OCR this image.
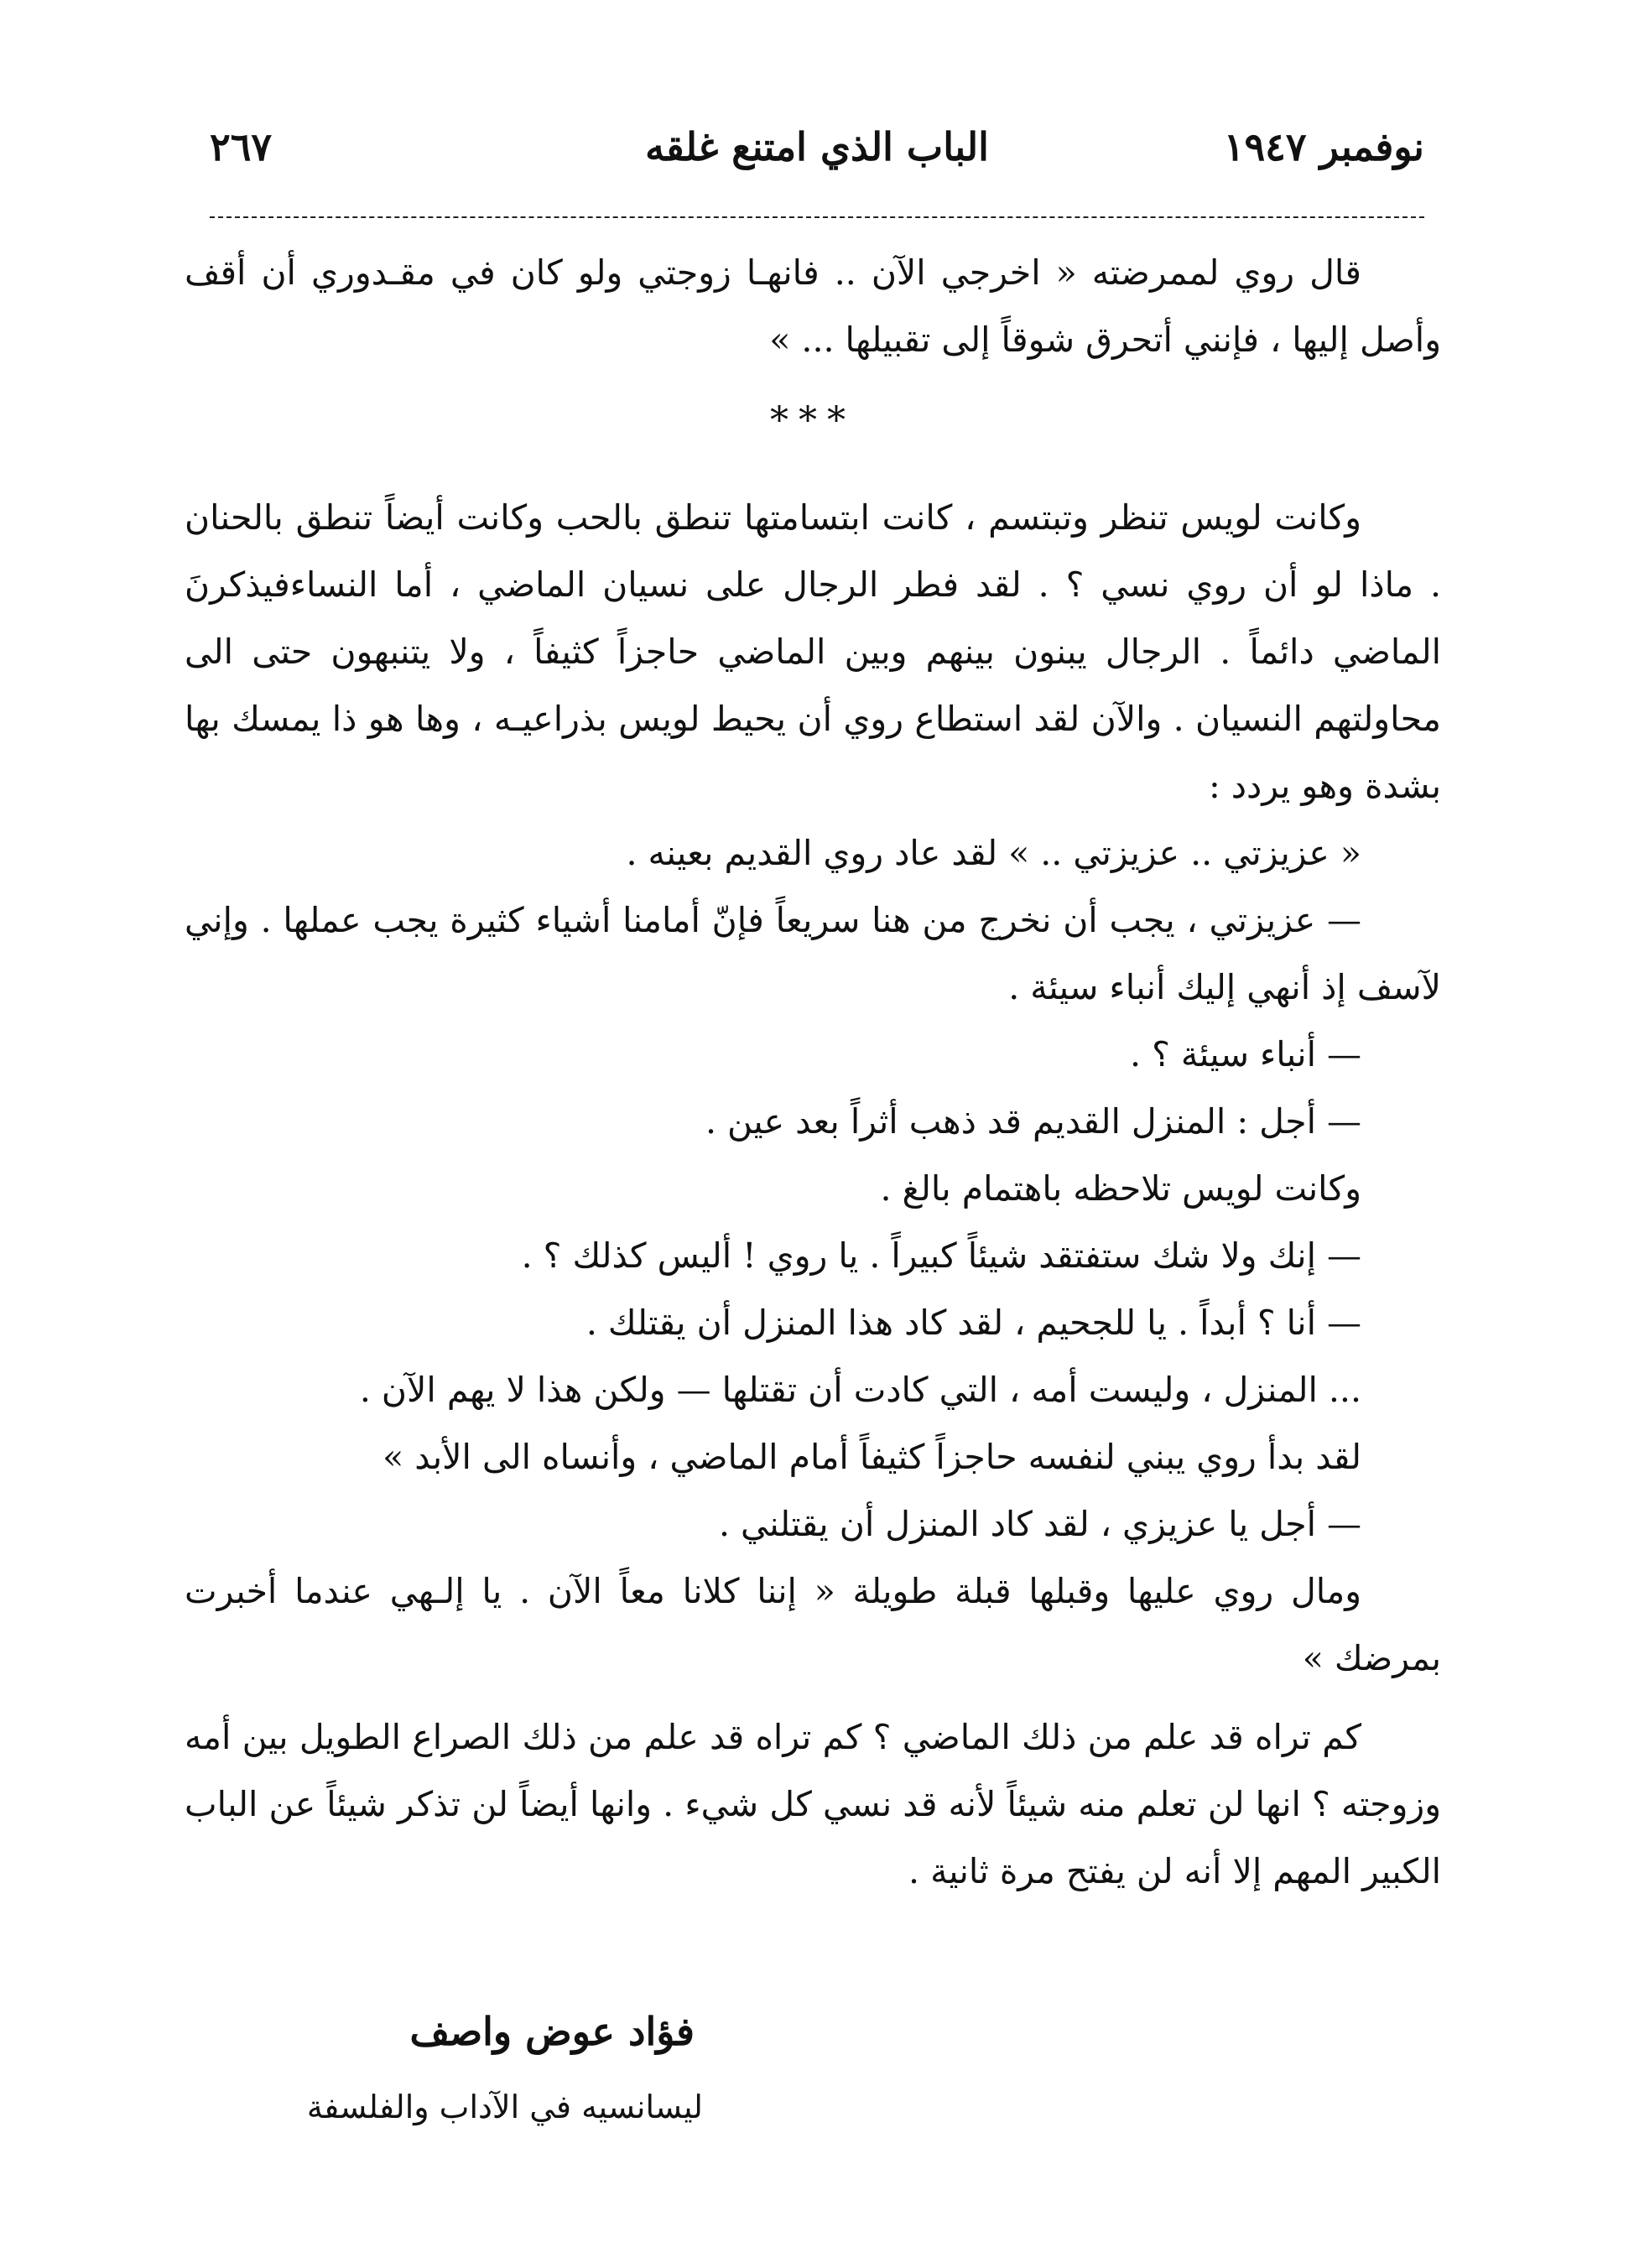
نوفمبر ١٩٤٧
الباب الذي امتنع غلقه
٢٦٧

قال روي لممرضته « اخرجي الآن .. فانهـا زوجتي ولو كان في مقـدوري أن أقف وأصل إليها ، فإنني أتحرق شوقاً إلى تقبيلها ... »

***

وكانت لويس تنظر وتبتسم ، كانت ابتسامتها تنطق بالحب وكانت أيضاً تنطق بالحنان . ماذا لو أن روي نسي ؟ . لقد فطر الرجال على نسيان الماضي ، أما النساءفيذكرنَ الماضي دائماً . الرجال يبنون بينهم وبين الماضي حاجزاً كثيفاً ، ولا يتنبهون حتى الى محاولتهم النسيان . والآن لقد استطاع روي أن يحيط لويس بذراعيـه ، وها هو ذا يمسك بها بشدة وهو يردد :

« عزيزتي .. عزيزتي .. » لقد عاد روي القديم بعينه .

— عزيزتي ، يجب أن نخرج من هنا سريعاً فإنّ أمامنا أشياء كثيرة يجب عملها . وإني لآسف إذ أنهي إليك أنباء سيئة .

— أنباء سيئة ؟ .

— أجل : المنزل القديم قد ذهب أثراً بعد عين .

وكانت لويس تلاحظه باهتمام بالغ .

— إنك ولا شك ستفتقد شيئاً كبيراً . يا روي ! أليس كذلك ؟ .

— أنا ؟ أبداً . يا للجحيم ، لقد كاد هذا المنزل أن يقتلك .

... المنزل ، وليست أمه ، التي كادت أن تقتلها — ولكن هذا لا يهم الآن .

لقد بدأ روي يبني لنفسه حاجزاً كثيفاً أمام الماضي ، وأنساه الى الأبد »

— أجل يا عزيزي ، لقد كاد المنزل أن يقتلني .

ومال روي عليها وقبلها قبلة طويلة « إننا كلانا معاً الآن . يا إلـهي عندما أخبرت بمرضك »

كم تراه قد علم من ذلك الماضي ؟ كم تراه قد علم من ذلك الصراع الطويل بين أمه وزوجته ؟ انها لن تعلم منه شيئاً لأنه قد نسي كل شيء . وانها أيضاً لن تذكر شيئاً عن الباب الكبير المهم إلا أنه لن يفتح مرة ثانية .

فؤاد عوض واصف
ليسانسيه في الآداب والفلسفة
